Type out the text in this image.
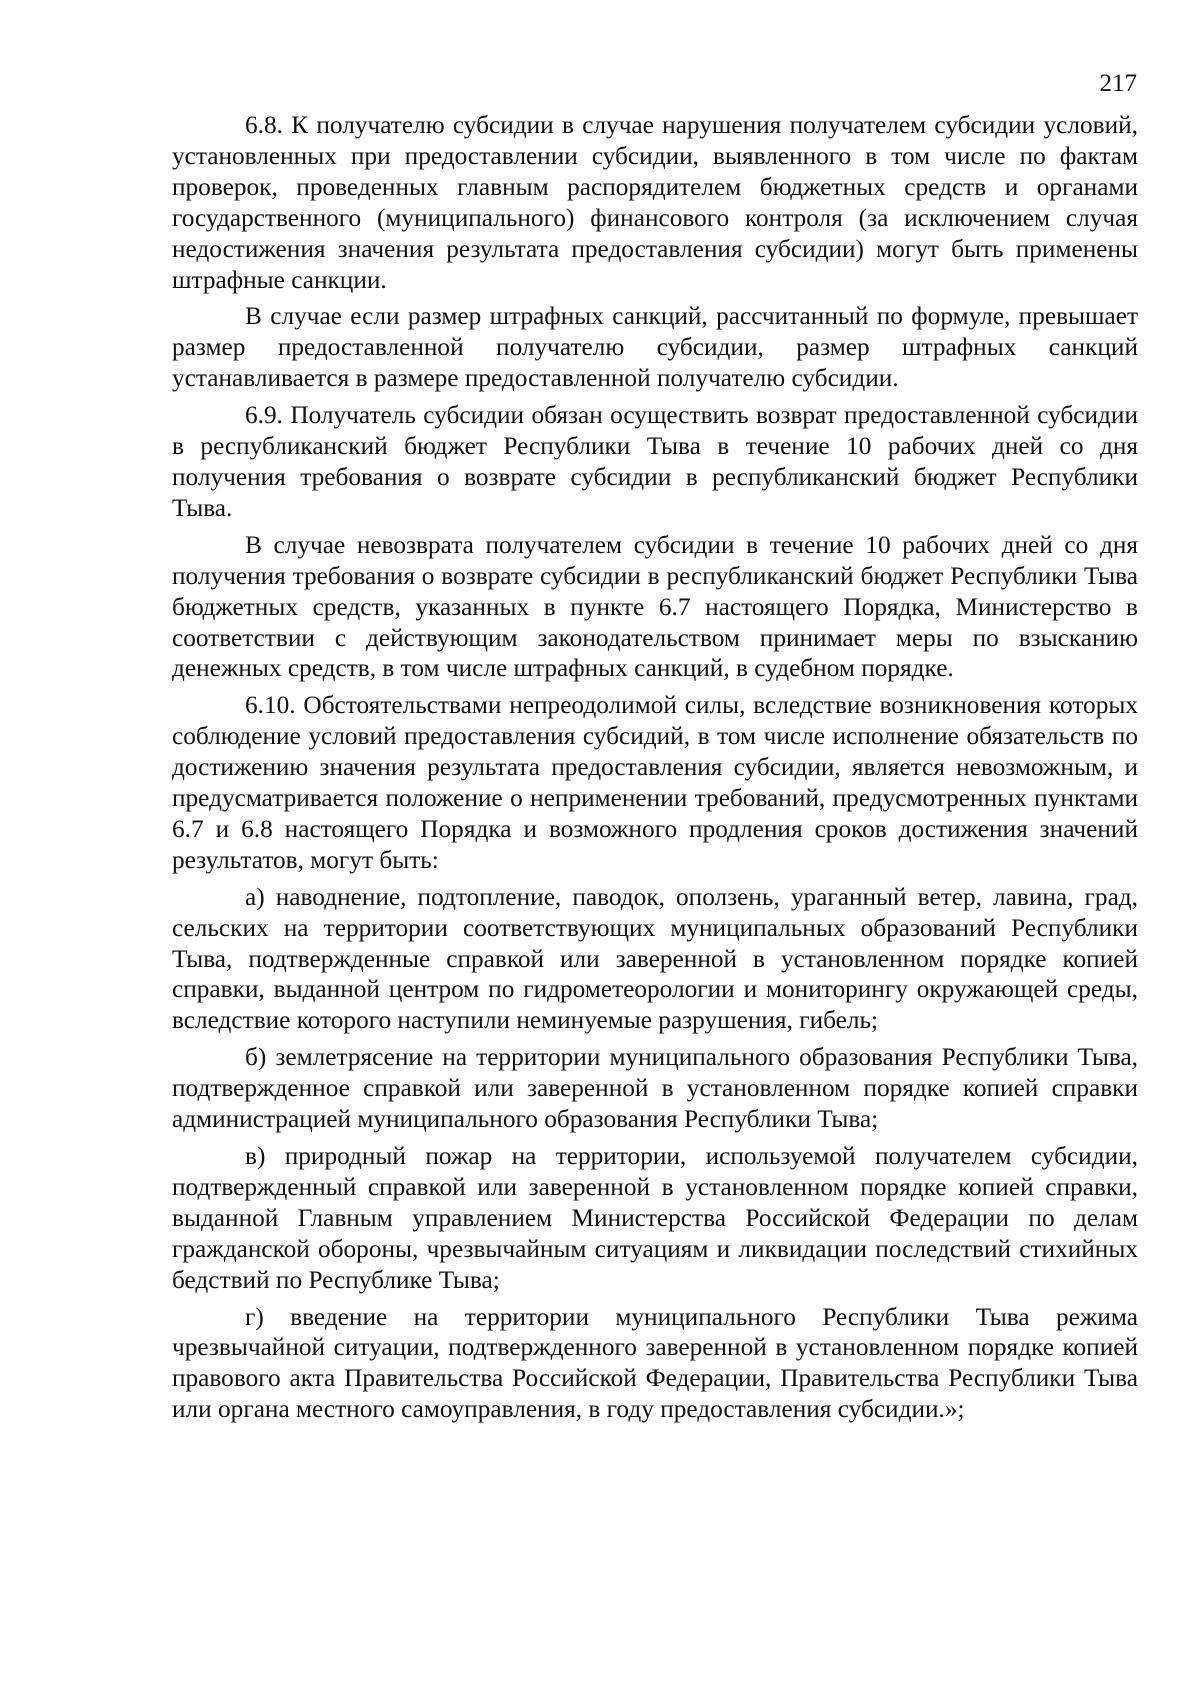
217

6.8. К получателю субсидии в случае нарушения получателем субсидии условий, установленных при предоставлении субсидии, выявленного в том числе по фактам проверок, проведенных главным распорядителем бюджетных средств и органами государственного (муниципального) финансового контроля (за исключением случая недостижения значения результата предоставления субсидии) могут быть применены штрафные санкции.

В случае если размер штрафных санкций, рассчитанный по формуле, превышает размер предоставленной получателю субсидии, размер штрафных санкций устанавливается в размере предоставленной получателю субсидии.

6.9. Получатель субсидии обязан осуществить возврат предоставленной субсидии в республиканский бюджет Республики Тыва в течение 10 рабочих дней со дня получения требования о возврате субсидии в республиканский бюджет Республики Тыва.

В случае невозврата получателем субсидии в течение 10 рабочих дней со дня получения требования о возврате субсидии в республиканский бюджет Республики Тыва бюджетных средств, указанных в пункте 6.7 настоящего Порядка, Министерство в соответствии с действующим законодательством принимает меры по взысканию денежных средств, в том числе штрафных санкций, в судебном порядке.

6.10. Обстоятельствами непреодолимой силы, вследствие возникновения которых соблюдение условий предоставления субсидий, в том числе исполнение обязательств по достижению значения результата предоставления субсидии, является невозможным, и предусматривается положение о неприменении требований, предусмотренных пунктами 6.7 и 6.8 настоящего Порядка и возможного продления сроков достижения значений результатов, могут быть:

а) наводнение, подтопление, паводок, оползень, ураганный ветер, лавина, град, сельских на территории соответствующих муниципальных образований Республики Тыва, подтвержденные справкой или заверенной в установленном порядке копией справки, выданной центром по гидрометеорологии и мониторингу окружающей среды, вследствие которого наступили неминуемые разрушения, гибель;

б) землетрясение на территории муниципального образования Республики Тыва, подтвержденное справкой или заверенной в установленном порядке копией справки администрацией муниципального образования Республики Тыва;

в) природный пожар на территории, используемой получателем субсидии, подтвержденный справкой или заверенной в установленном порядке копией справки, выданной Главным управлением Министерства Российской Федерации по делам гражданской обороны, чрезвычайным ситуациям и ликвидации последствий стихийных бедствий по Республике Тыва;

г) введение на территории муниципального Республики Тыва режима чрезвычайной ситуации, подтвержденного заверенной в установленном порядке копией правового акта Правительства Российской Федерации, Правительства Республики Тыва или органа местного самоуправления, в году предоставления субсидии.»;
